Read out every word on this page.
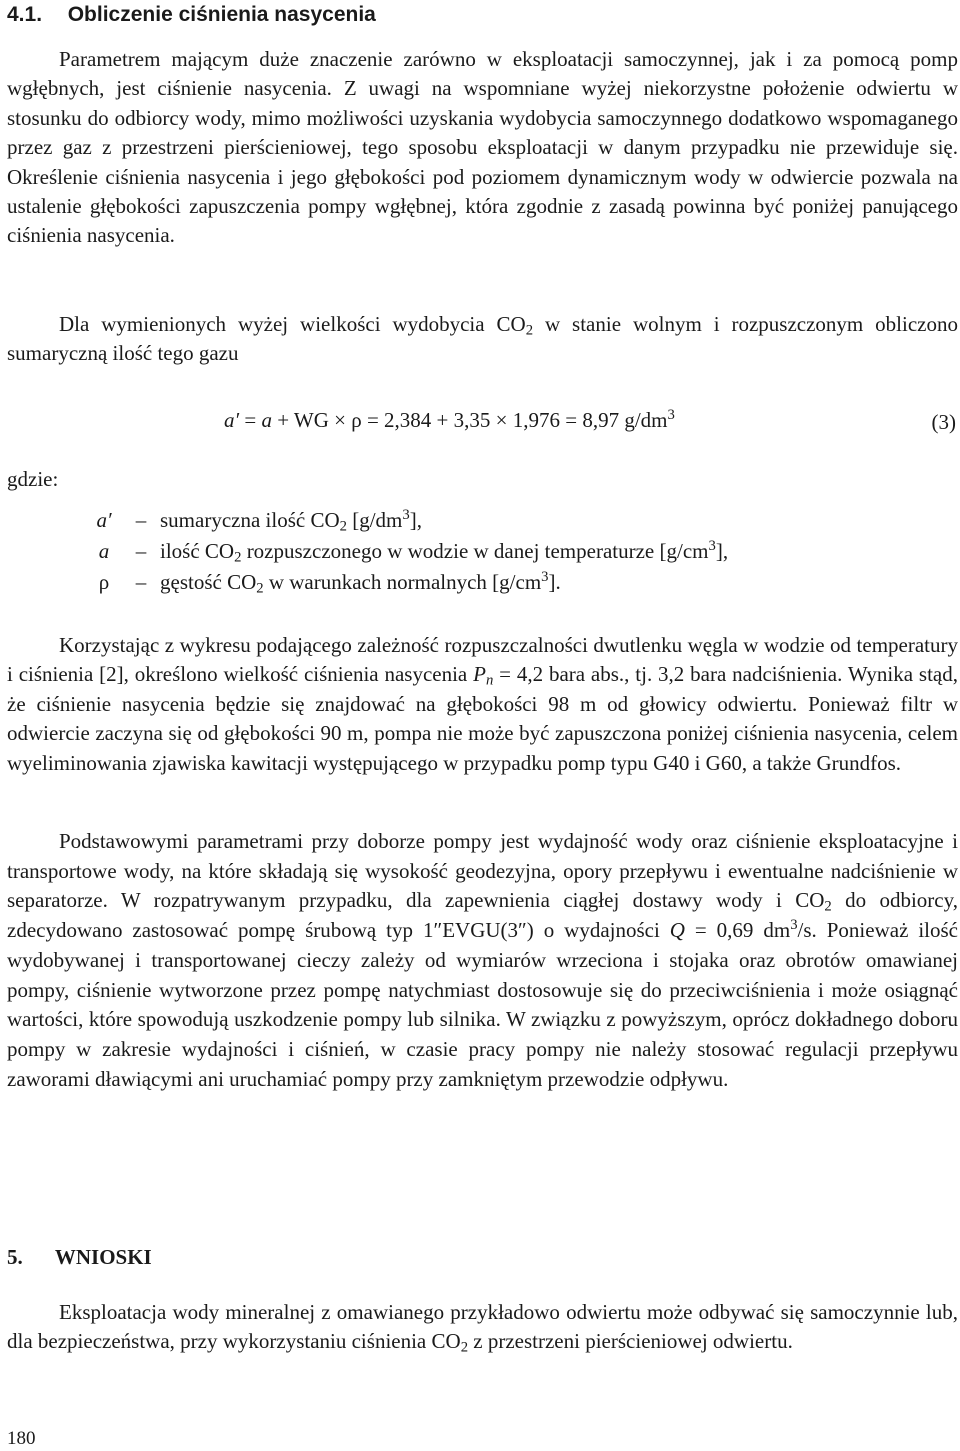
4.1. Obliczenie ciśnienia nasycenia

Parametrem mającym duże znaczenie zarówno w eksploatacji samoczynnej, jak i za pomocą pomp wgłębnych, jest ciśnienie nasycenia. Z uwagi na wspomniane wyżej niekorzystne położenie odwiertu w stosunku do odbiorcy wody, mimo możliwości uzyskania wydobycia samoczynnego dodatkowo wspomaganego przez gaz z przestrzeni pierścieniowej, tego sposobu eksploatacji w danym przypadku nie przewiduje się. Określenie ciśnienia nasycenia i jego głębokości pod poziomem dynamicznym wody w odwiercie pozwala na ustalenie głębokości zapuszczenia pompy wgłębnej, która zgodnie z zasadą powinna być poniżej panującego ciśnienia nasycenia.

Dla wymienionych wyżej wielkości wydobycia $CO_2$ w stanie wolnym i rozpuszczonym obliczono sumaryczną ilość tego gazu

a′ = a + WG × ρ = 2,384 + 3,35 × 1,976 = 8,97 $g/dm^3$	(3)
gdzie:
a′ – sumaryczna ilość $CO_2$ $[g/dm^3]$,
a – ilość $CO_2$ rozpuszczonego w wodzie w danej temperaturze $[g/cm^3]$,
ρ – gęstość $CO_2$ w warunkach normalnych $[g/cm^3]$.

Korzystając z wykresu podającego zależność rozpuszczalności dwutlenku węgla w wodzie od temperatury i ciśnienia [2], określono wielkość ciśnienia nasycenia $P_n = 4,2$ bara abs., tj. 3,2 bara nadciśnienia. Wynika stąd, że ciśnienie nasycenia będzie się znajdować na głębokości 98 m od głowicy odwiertu. Ponieważ filtr w odwiercie zaczyna się od głębokości 90 m, pompa nie może być zapuszczona poniżej ciśnienia nasycenia, celem wyeliminowania zjawiska kawitacji występującego w przypadku pomp typu G40 i G60, a także Grundfos.

Podstawowymi parametrami przy doborze pompy jest wydajność wody oraz ciśnienie eksploatacyjne i transportowe wody, na które składają się wysokość geodezyjna, opory przepływu i ewentualne nadciśnienie w separatorze. W rozpatrywanym przypadku, dla zapewnienia ciągłej dostawy wody i $CO_2$ do odbiorcy, zdecydowano zastosować pompę śrubową typ 1″EVGU(3″) o wydajności Q = 0,69 $dm^3/s$. Ponieważ ilość wydobywanej i transportowanej cieczy zależy od wymiarów wrzeciona i stojaka oraz obrotów omawianej pompy, ciśnienie wytworzone przez pompę natychmiast dostosowuje się do przeciwciśnienia i może osiągnąć wartości, które spowodują uszkodzenie pompy lub silnika. W związku z powyższym, oprócz dokładnego doboru pompy w zakresie wydajności i ciśnień, w czasie pracy pompy nie należy stosować regulacji przepływu zaworami dławiącymi ani uruchamiać pompy przy zamkniętym przewodzie odpływu.

5. WNIOSKI

Eksploatacja wody mineralnej z omawianego przykładowo odwiertu może odbywać się samoczynnie lub, dla bezpieczeństwa, przy wykorzystaniu ciśnienia $CO_2$ z przestrzeni pierścieniowej odwiertu.

180
